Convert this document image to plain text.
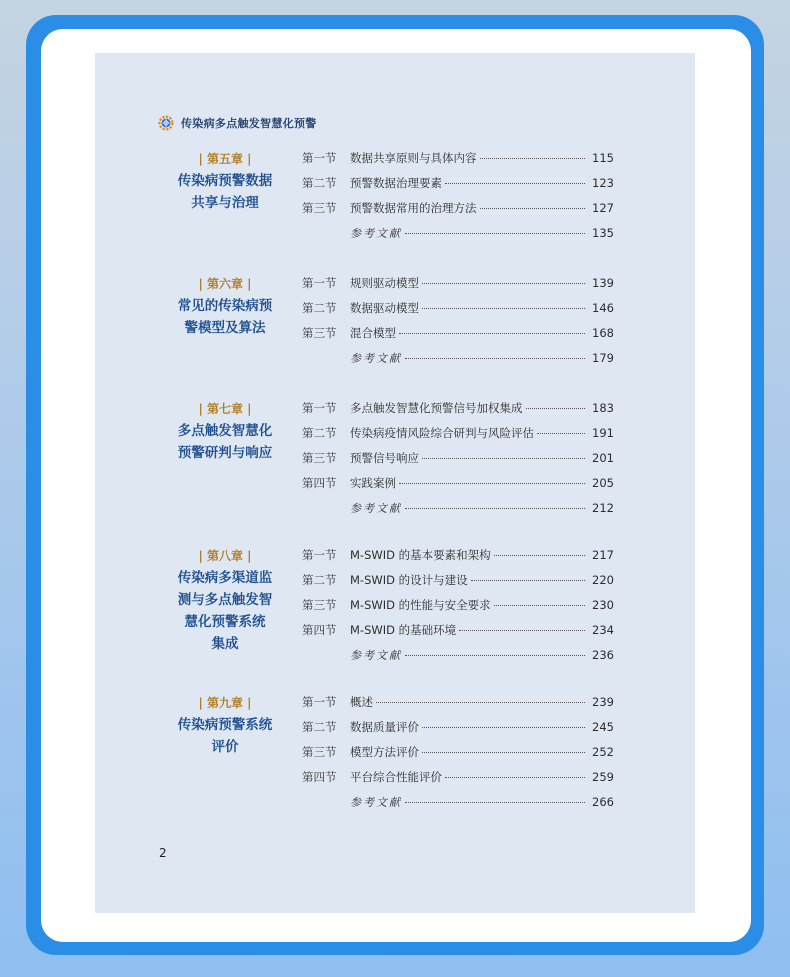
传染病多点触发智慧化预警
| 第五章 |
传染病预警数据
共享与治理
第一节	数据共享原则与具体内容	115
第二节	预警数据治理要素	123
第三节	预警数据常用的治理方法	127
参考文献	135
| 第六章 |
常见的传染病预
警模型及算法
第一节	规则驱动模型	139
第二节	数据驱动模型	146
第三节	混合模型	168
参考文献	179
| 第七章 |
多点触发智慧化
预警研判与响应
第一节	多点触发智慧化预警信号加权集成	183
第二节	传染病疫情风险综合研判与风险评估	191
第三节	预警信号响应	201
第四节	实践案例	205
参考文献	212
| 第八章 |
传染病多渠道监
测与多点触发智
慧化预警系统
集成
第一节	M-SWID 的基本要素和架构	217
第二节	M-SWID 的设计与建设	220
第三节	M-SWID 的性能与安全要求	230
第四节	M-SWID 的基础环境	234
参考文献	236
| 第九章 |
传染病预警系统
评价
第一节	概述	239
第二节	数据质量评价	245
第三节	模型方法评价	252
第四节	平台综合性能评价	259
参考文献	266
2
